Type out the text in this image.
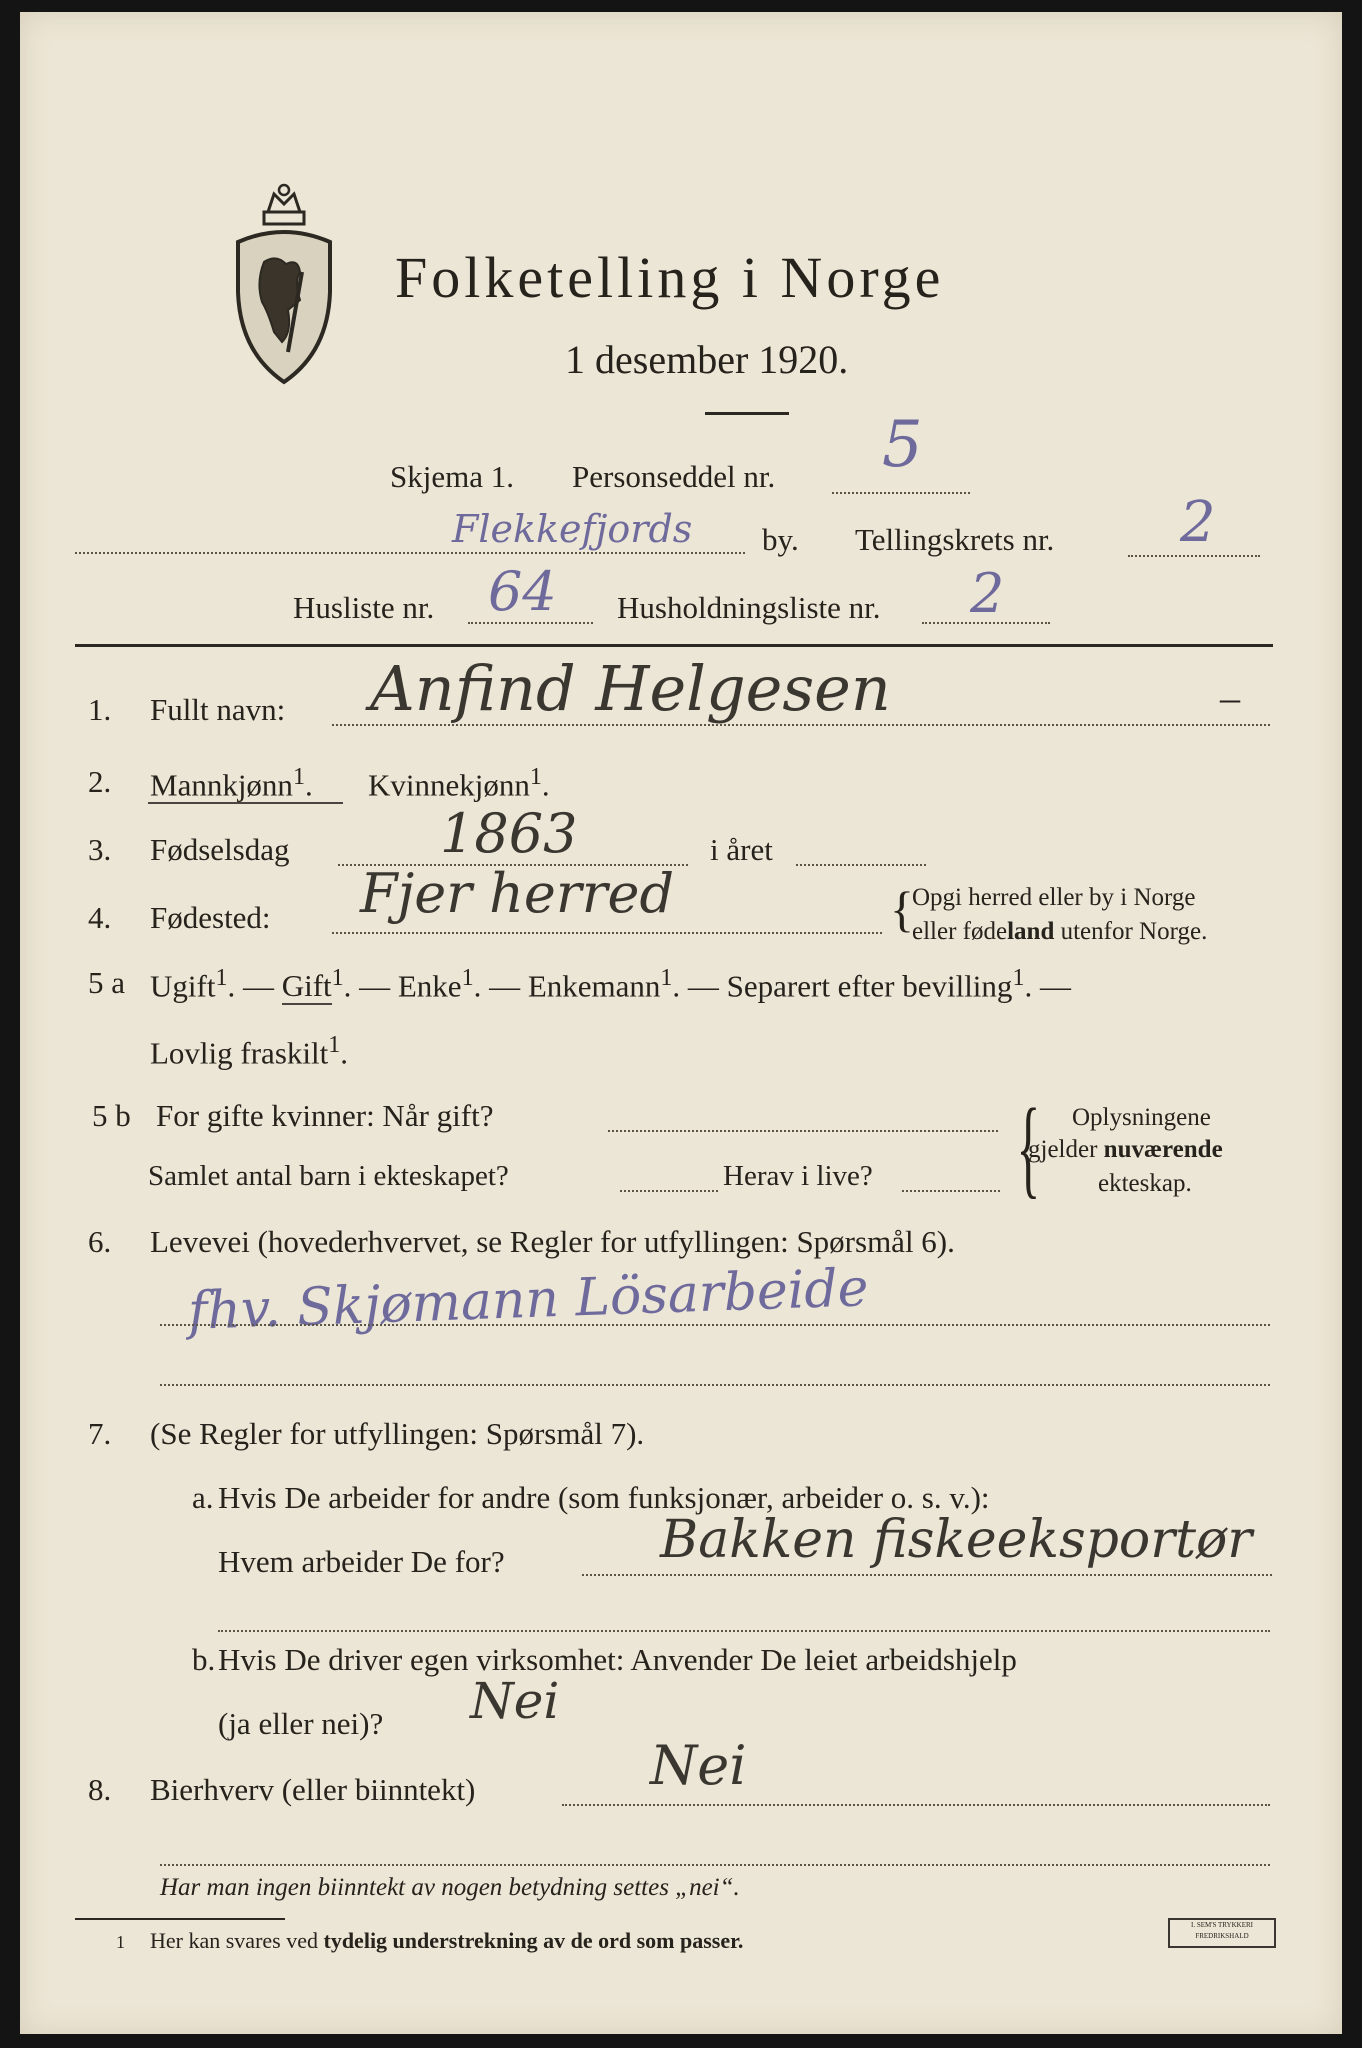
Folketelling i Norge
1 desember 1920.
Skjema 1. Personseddel nr. 5
Flekkefjords by. Tellingskrets nr. 2
Husliste nr. 64 Husholdningsliste nr. 2
1. Fullt navn: Anfind Helgesen	–
2. Mannkjønn$^1$. Kvinnekjønn$^1$.
3. Fødselsdag	1863	i året
4. Fødested: Fjer herred	{
Opgi herred eller by i Norge
eller fødeland utenfor Norge.
5 a Ugift$^1$. — Gift$^1$. — Enke$^1$. — Enkemann$^1$. — Separert efter bevilling$^1$. —
Lovlig fraskilt$^1$.
5 b For gifte kvinner: Når gift?
Samlet antal barn i ekteskapet?	Herav i live? { Oplysningene
gjelder nuværende
ekteskap.
6. Levevei (hovederhvervet, se Regler for utfyllingen: Spørsmål 6).
fhv. Skjømann Lösarbeide
7. (Se Regler for utfyllingen: Spørsmål 7).
a. Hvis De arbeider for andre (som funksjonær, arbeider o. s. v.):
Hvem arbeider De for?	Bakken fiskeeksportør
b. Hvis De driver egen virksomhet: Anvender De leiet arbeidshjelp
(ja eller nei)? Nei
8. Bierhverv (eller biinntekt)	Nei
Har man ingen biinntekt av nogen betydning settes „nei“.
1 Her kan svares ved tydelig understrekning av de ord som passer.
I. SEM'S TRYKKERI
FREDRIKSHALD
